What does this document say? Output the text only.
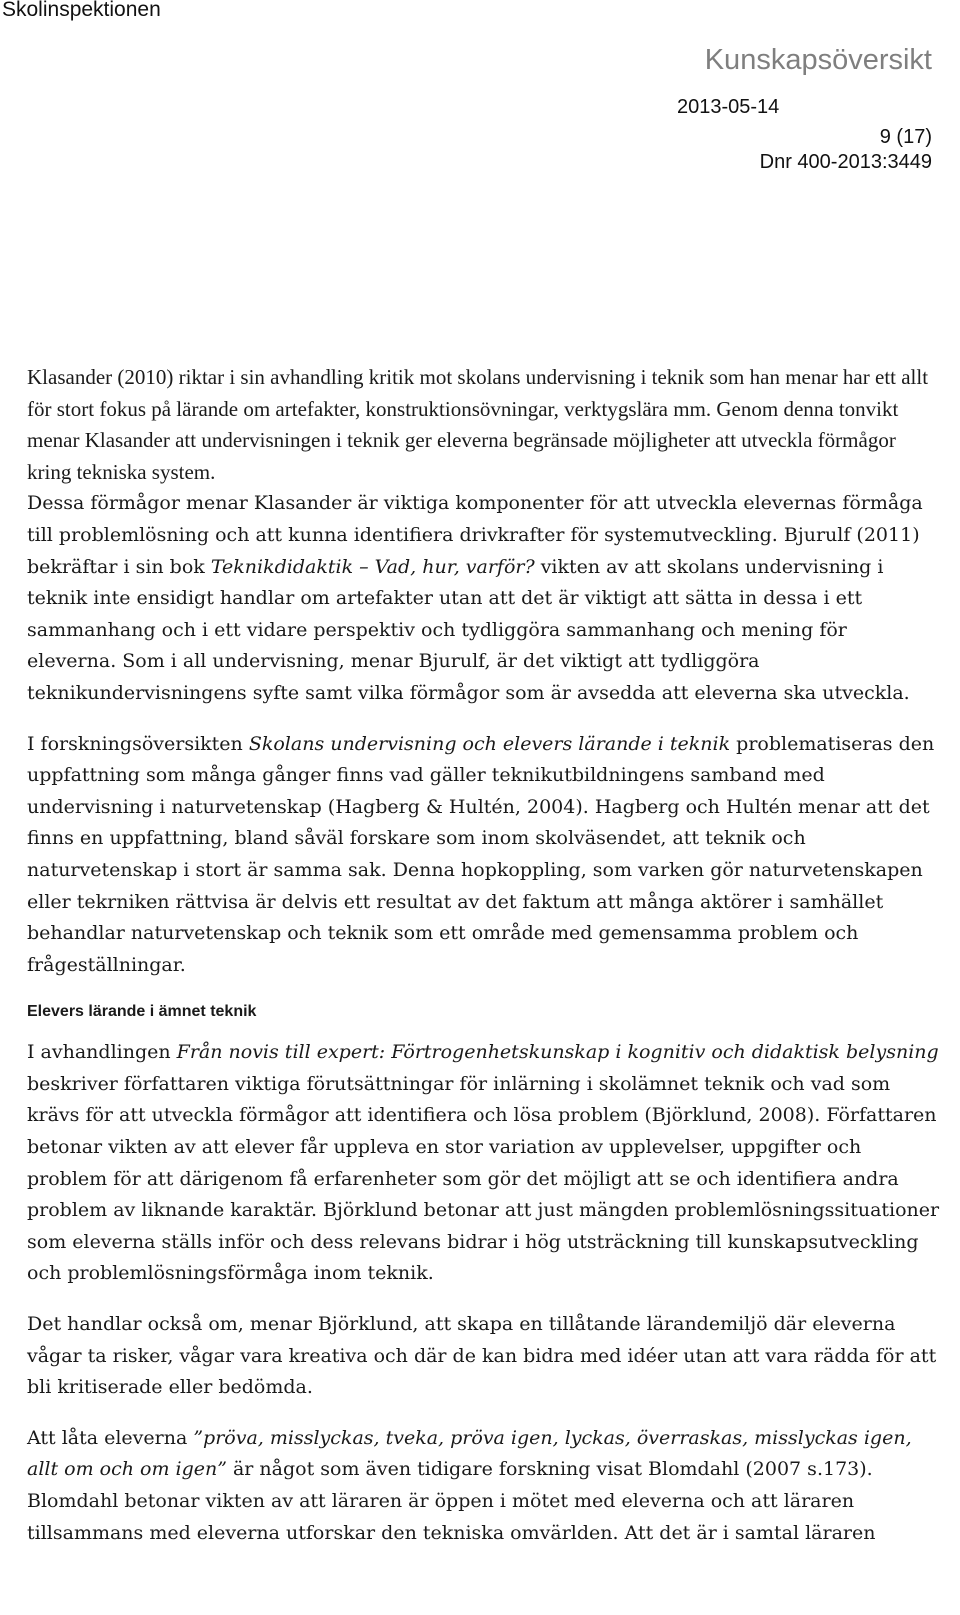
Skolinspektionen
Kunskapsöversikt
2013-05-14
9 (17)
Dnr 400-2013:3449

Klasander (2010) riktar i sin avhandling kritik mot skolans undervisning i teknik som han menar har ett allt för stort fokus på lärande om artefakter, konstruktionsövningar, verktygslära mm. Genom denna tonvikt menar Klasander att undervisningen i teknik ger eleverna begränsade möjligheter att utveckla förmågor kring tekniska system.

Dessa förmågor menar Klasander är viktiga komponenter för att utveckla elevernas förmåga till problemlösning och att kunna identifiera drivkrafter för systemutveckling. Bjurulf (2011) bekräftar i sin bok Teknikdidaktik – Vad, hur, varför? vikten av att skolans undervisning i teknik inte ensidigt handlar om artefakter utan att det är viktigt att sätta in dessa i ett sammanhang och i ett vidare perspektiv och tydliggöra sammanhang och mening för eleverna. Som i all undervisning, menar Bjurulf, är det viktigt att tydliggöra teknikundervisningens syfte samt vilka förmågor som är avsedda att eleverna ska utveckla.

I forskningsöversikten Skolans undervisning och elevers lärande i teknik problematiseras den uppfattning som många gånger finns vad gäller teknikutbildningens samband med undervisning i naturvetenskap (Hagberg & Hultén, 2004). Hagberg och Hultén menar att det finns en uppfattning, bland såväl forskare som inom skolväsendet, att teknik och naturvetenskap i stort är samma sak. Denna hopkoppling, som varken gör naturvetenskapen eller tekrniken rättvisa är delvis ett resultat av det faktum att många aktörer i samhället behandlar naturvetenskap och teknik som ett område med gemensamma problem och frågeställningar.

Elevers lärande i ämnet teknik

I avhandlingen Från novis till expert: Förtrogenhetskunskap i kognitiv och didaktisk belysning beskriver författaren viktiga förutsättningar för inlärning i skolämnet teknik och vad som krävs för att utveckla förmågor att identifiera och lösa problem (Björklund, 2008). Författaren betonar vikten av att elever får uppleva en stor variation av upplevelser, uppgifter och problem för att därigenom få erfarenheter som gör det möjligt att se och identifiera andra problem av liknande karaktär. Björklund betonar att just mängden problemlösningssituationer som eleverna ställs inför och dess relevans bidrar i hög utsträckning till kunskapsutveckling och problemlösningsförmåga inom teknik.

Det handlar också om, menar Björklund, att skapa en tillåtande lärandemiljö där eleverna vågar ta risker, vågar vara kreativa och där de kan bidra med idéer utan att vara rädda för att bli kritiserade eller bedömda.

Att låta eleverna ”pröva, misslyckas, tveka, pröva igen, lyckas, överraskas, misslyckas igen, allt om och om igen” är något som även tidigare forskning visat Blomdahl (2007 s.173). Blomdahl betonar vikten av att läraren är öppen i mötet med eleverna och att läraren tillsammans med eleverna utforskar den tekniska omvärlden. Att det är i samtal läraren
